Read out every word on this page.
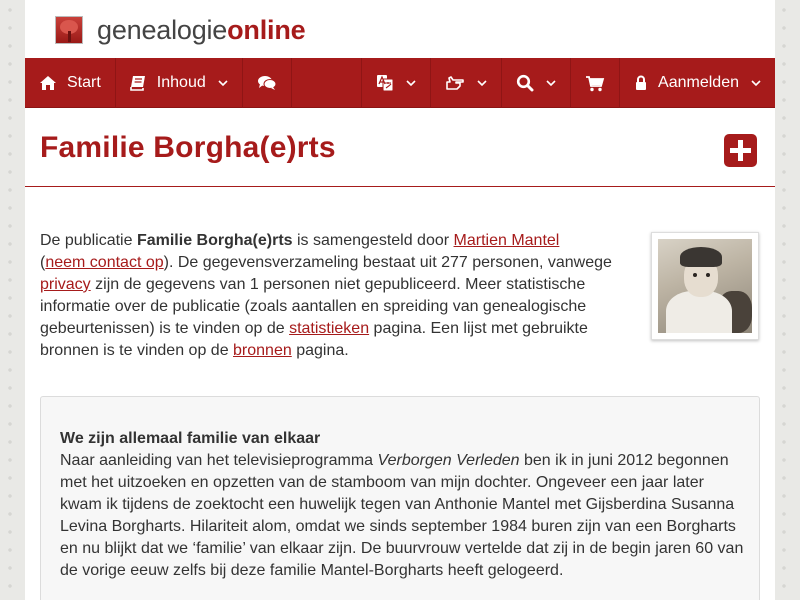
genealogieonline
Start	Inhoud	Aanmelden
Familie Borgha(e)rts

De publicatie Familie Borgha(e)rts is samengesteld door Martien Mantel
(neem contact op). De gegevensverzameling bestaat uit 277 personen, vanwege privacy zijn de gegevens van 1 personen niet gepubliceerd. Meer statistische informatie over de publicatie (zoals aantallen en spreiding van genealogische gebeurtenissen) is te vinden op de statistieken pagina. Een lijst met gebruikte bronnen is te vinden op de bronnen pagina.

We zijn allemaal familie van elkaar
Naar aanleiding van het televisieprogramma Verborgen Verleden ben ik in juni 2012 begonnen met het uitzoeken en opzetten van de stamboom van mijn dochter. Ongeveer een jaar later kwam ik tijdens de zoektocht een huwelijk tegen van Anthonie Mantel met Gijsberdina Susanna Levina Borgharts. Hilariteit alom, omdat we sinds september 1984 buren zijn van een Borgharts en nu blijkt dat we ‘familie’ van elkaar zijn. De buurvrouw vertelde dat zij in de begin jaren 60 van de vorige eeuw zelfs bij deze familie Mantel-Borgharts heeft gelogeerd.
